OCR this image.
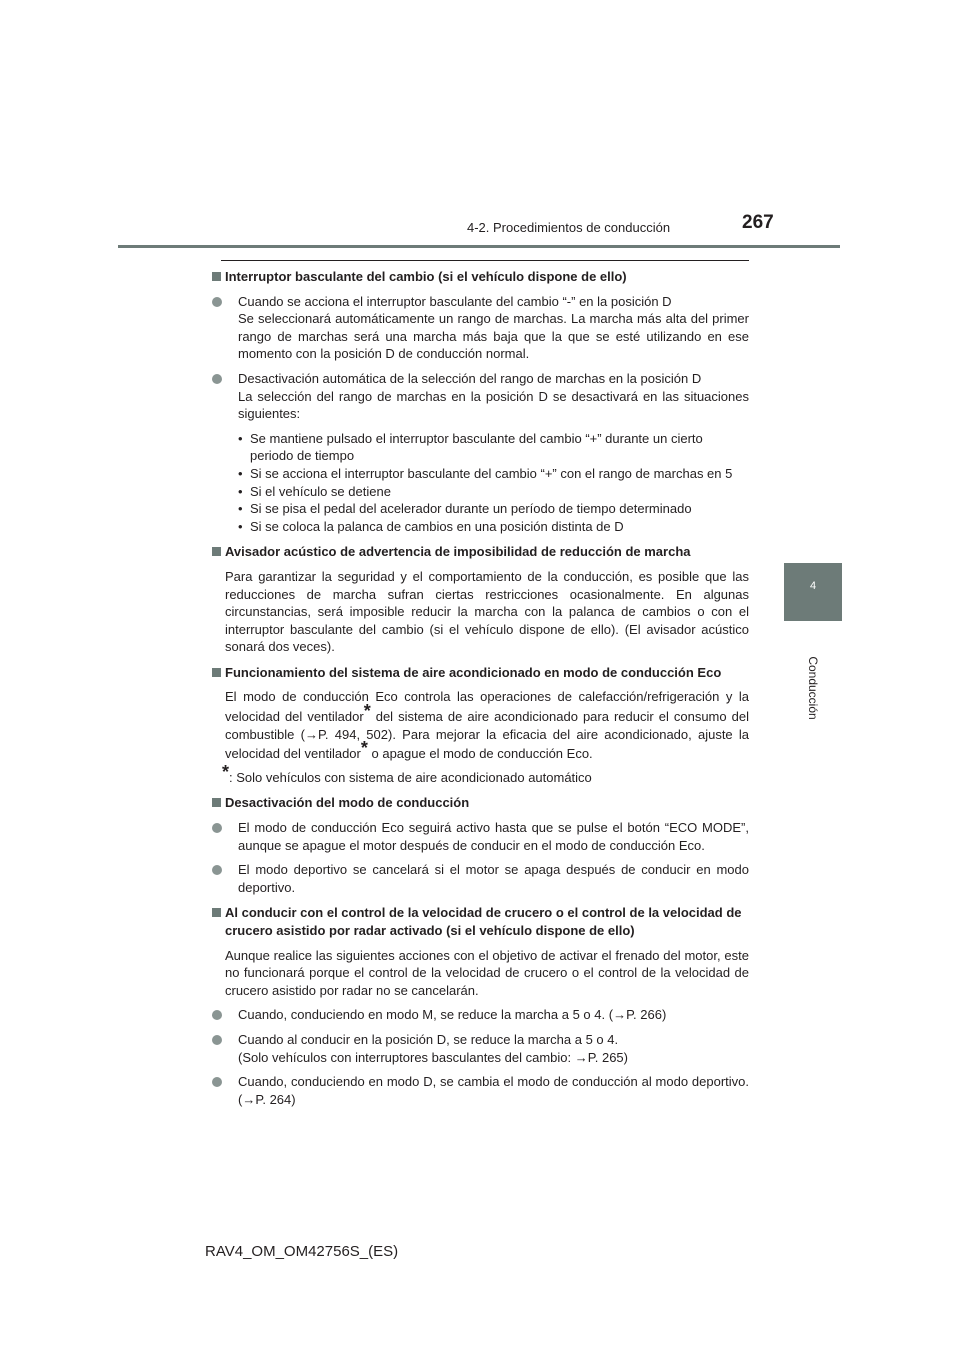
4-2. Procedimientos de conducción	267
4
Conducción
Interruptor basculante del cambio (si el vehículo dispone de ello)
Cuando se acciona el interruptor basculante del cambio “-” en la posición D
Se seleccionará automáticamente un rango de marchas. La marcha más alta del primer rango de marchas será una marcha más baja que la que se esté utilizando en ese momento con la posición D de conducción normal.
Desactivación automática de la selección del rango de marchas en la posición D
La selección del rango de marchas en la posición D se desactivará en las situaciones siguientes:
• Se mantiene pulsado el interruptor basculante del cambio “+” durante un cierto periodo de tiempo
• Si se acciona el interruptor basculante del cambio “+” con el rango de marchas en 5
• Si el vehículo se detiene
• Si se pisa el pedal del acelerador durante un período de tiempo determinado
• Si se coloca la palanca de cambios en una posición distinta de D
Avisador acústico de advertencia de imposibilidad de reducción de marcha
Para garantizar la seguridad y el comportamiento de la conducción, es posible que las reducciones de marcha sufran ciertas restricciones ocasionalmente. En algunas circunstancias, será imposible reducir la marcha con la palanca de cambios o con el interruptor basculante del cambio (si el vehículo dispone de ello). (El avisador acústico sonará dos veces).
Funcionamiento del sistema de aire acondicionado en modo de conducción Eco
El modo de conducción Eco controla las operaciones de calefacción/refrigeración y la velocidad del ventilador* del sistema de aire acondicionado para reducir el consumo del combustible (→P. 494, 502). Para mejorar la eficacia del aire acondicionado, ajuste la velocidad del ventilador* o apague el modo de conducción Eco.
*: Solo vehículos con sistema de aire acondicionado automático
Desactivación del modo de conducción
El modo de conducción Eco seguirá activo hasta que se pulse el botón “ECO MODE”, aunque se apague el motor después de conducir en el modo de conducción Eco.
El modo deportivo se cancelará si el motor se apaga después de conducir en modo deportivo.
Al conducir con el control de la velocidad de crucero o el control de la velocidad de crucero asistido por radar activado (si el vehículo dispone de ello)
Aunque realice las siguientes acciones con el objetivo de activar el frenado del motor, este no funcionará porque el control de la velocidad de crucero o el control de la velocidad de crucero asistido por radar no se cancelarán.
Cuando, conduciendo en modo M, se reduce la marcha a 5 o 4. (→P. 266)
Cuando al conducir en la posición D, se reduce la marcha a 5 o 4.
(Solo vehículos con interruptores basculantes del cambio: →P. 265)
Cuando, conduciendo en modo D, se cambia el modo de conducción al modo deportivo. (→P. 264)
RAV4_OM_OM42756S_(ES)
